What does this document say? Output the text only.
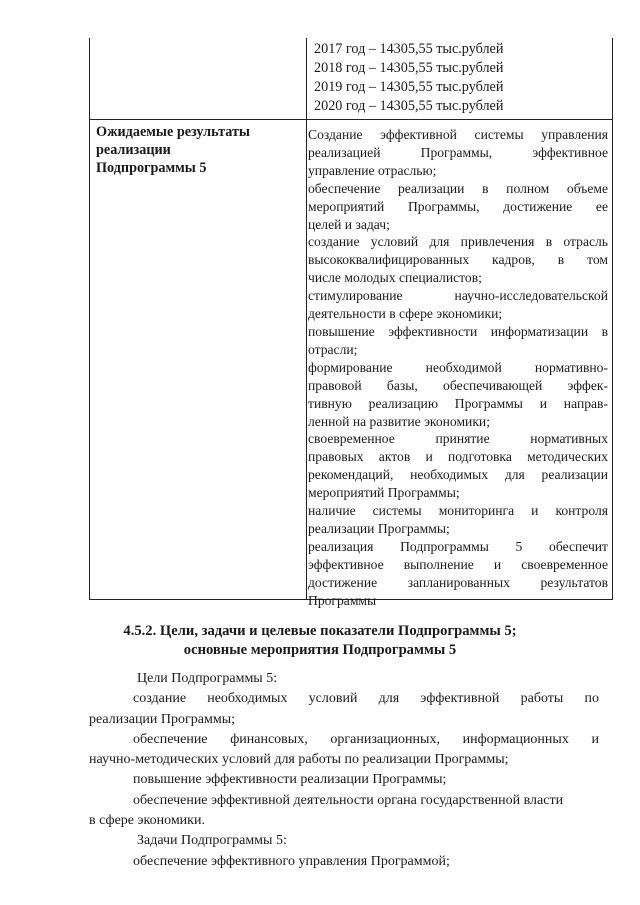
2017 год – 14305,55 тыс.рублей
2018 год – 14305,55 тыс.рублей
2019 год – 14305,55 тыс.рублей
2020 год – 14305,55 тыс.рублей
Ожидаемые результаты
реализации
Подпрограммы 5
Создание эффективной системы управления
реализацией Программы, эффективное
управление отраслью;
обеспечение реализации в полном объеме
мероприятий Программы, достижение ее
целей и задач;
создание условий для привлечения в отрасль
высококвалифицированных кадров, в том
числе молодых специалистов;
стимулирование научно-исследовательской
деятельности в сфере экономики;
повышение эффективности информатизации в
отрасли;
формирование необходимой нормативно-
правовой базы, обеспечивающей эффек-
тивную реализацию Программы и направ-
ленной на развитие экономики;
своевременное принятие нормативных
правовых актов и подготовка методических
рекомендаций, необходимых для реализации
мероприятий Программы;
наличие системы мониторинга и контроля
реализации Программы;
реализация Подпрограммы 5 обеспечит
эффективное выполнение и своевременное
достижение запланированных результатов
Программы
4.5.2. Цели, задачи и целевые показатели Подпрограммы 5;
основные мероприятия Подпрограммы 5
Цели Подпрограммы 5:
создание необходимых условий для эффективной работы по
реализации Программы;
обеспечение финансовых, организационных, информационных и
научно-методических условий для работы по реализации Программы;
повышение эффективности реализации Программы;
обеспечение эффективной деятельности органа государственной власти
в сфере экономики.
Задачи Подпрограммы 5:
обеспечение эффективного управления Программой;
